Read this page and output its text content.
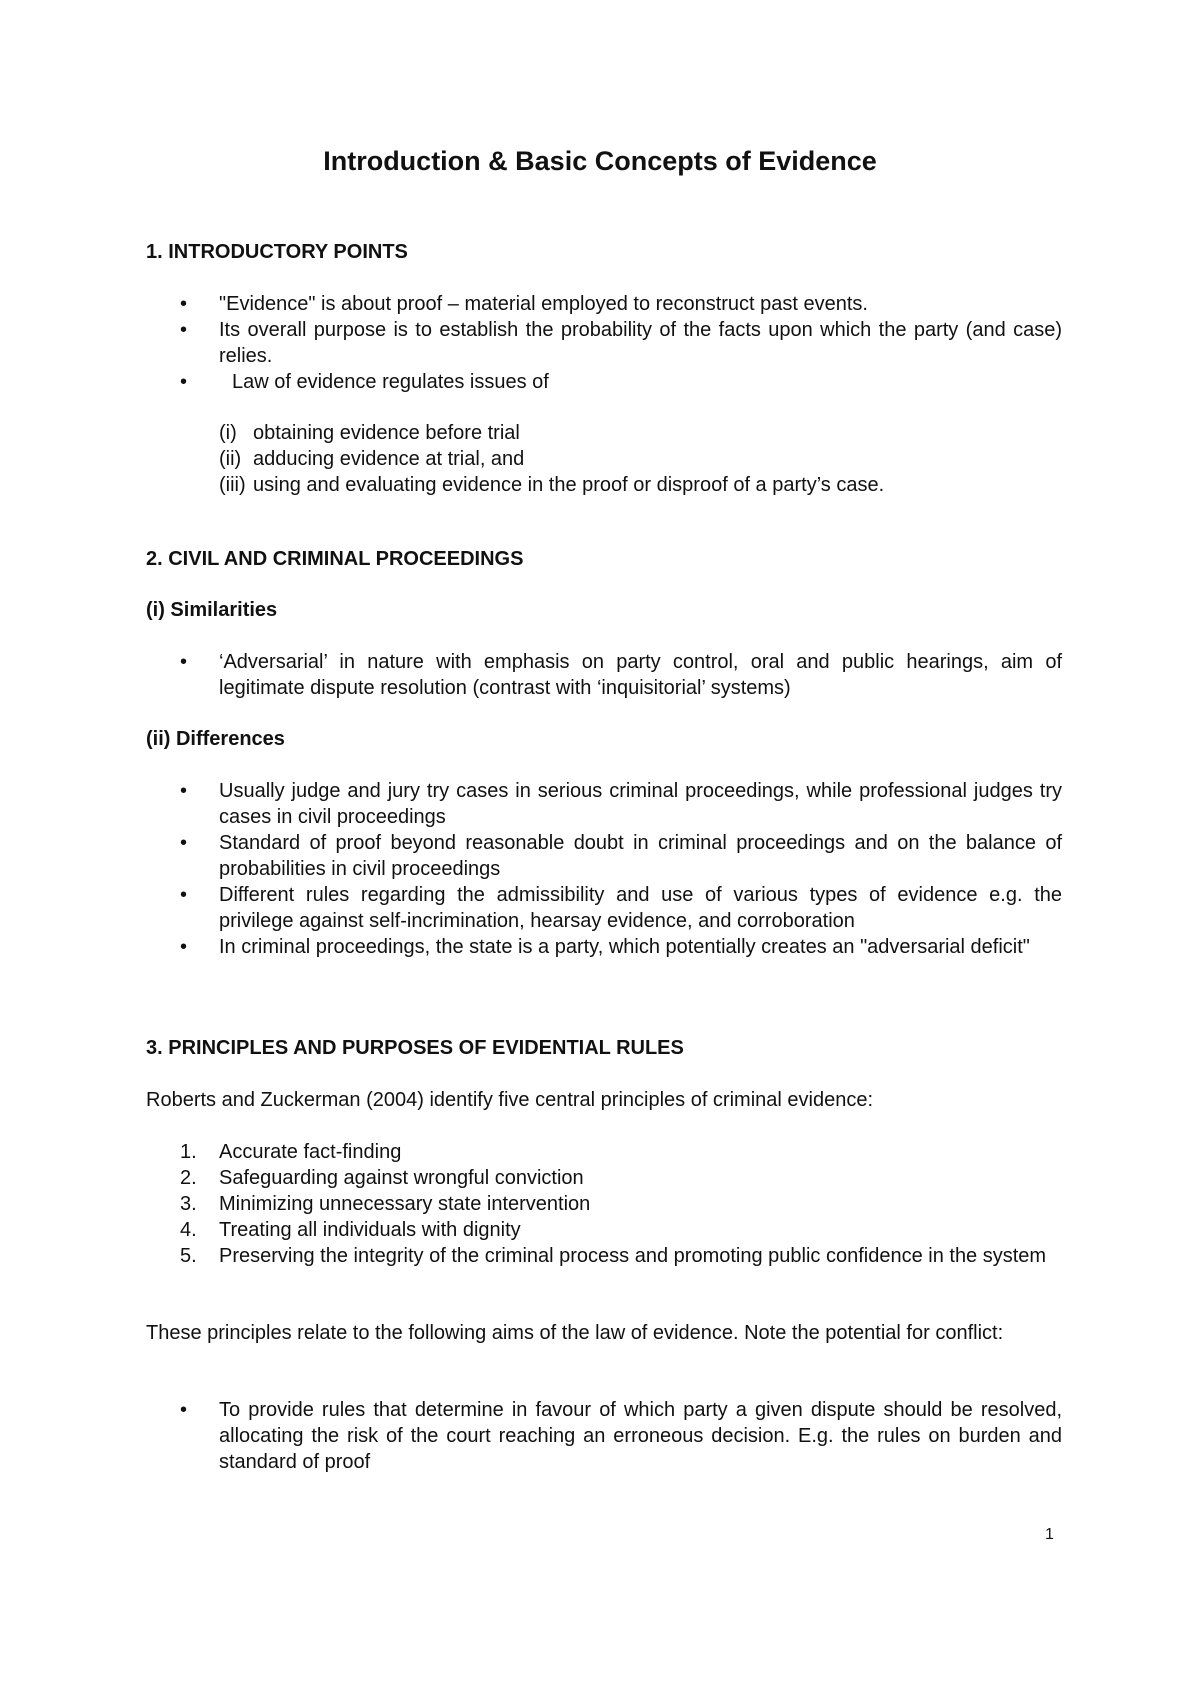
Introduction & Basic Concepts of Evidence
1. INTRODUCTORY POINTS
• "Evidence" is about proof – material employed to reconstruct past events.
• Its overall purpose is to establish the probability of the facts upon which the party (and case) relies.
• Law of evidence regulates issues of
(i) obtaining evidence before trial
(ii) adducing evidence at trial, and
(iii) using and evaluating evidence in the proof or disproof of a party’s case.
2. CIVIL AND CRIMINAL PROCEEDINGS
(i) Similarities
• ‘Adversarial’ in nature with emphasis on party control, oral and public hearings, aim of legitimate dispute resolution (contrast with ‘inquisitorial’ systems)
(ii) Differences
• Usually judge and jury try cases in serious criminal proceedings, while professional judges try cases in civil proceedings
• Standard of proof beyond reasonable doubt in criminal proceedings and on the balance of probabilities in civil proceedings
• Different rules regarding the admissibility and use of various types of evidence e.g. the privilege against self-incrimination, hearsay evidence, and corroboration
• In criminal proceedings, the state is a party, which potentially creates an "adversarial deficit"
3. PRINCIPLES AND PURPOSES OF EVIDENTIAL RULES
Roberts and Zuckerman (2004) identify five central principles of criminal evidence:
1. Accurate fact-finding
2. Safeguarding against wrongful conviction
3. Minimizing unnecessary state intervention
4. Treating all individuals with dignity
5. Preserving the integrity of the criminal process and promoting public confidence in the system
These principles relate to the following aims of the law of evidence. Note the potential for conflict:
• To provide rules that determine in favour of which party a given dispute should be resolved, allocating the risk of the court reaching an erroneous decision. E.g. the rules on burden and standard of proof
1
